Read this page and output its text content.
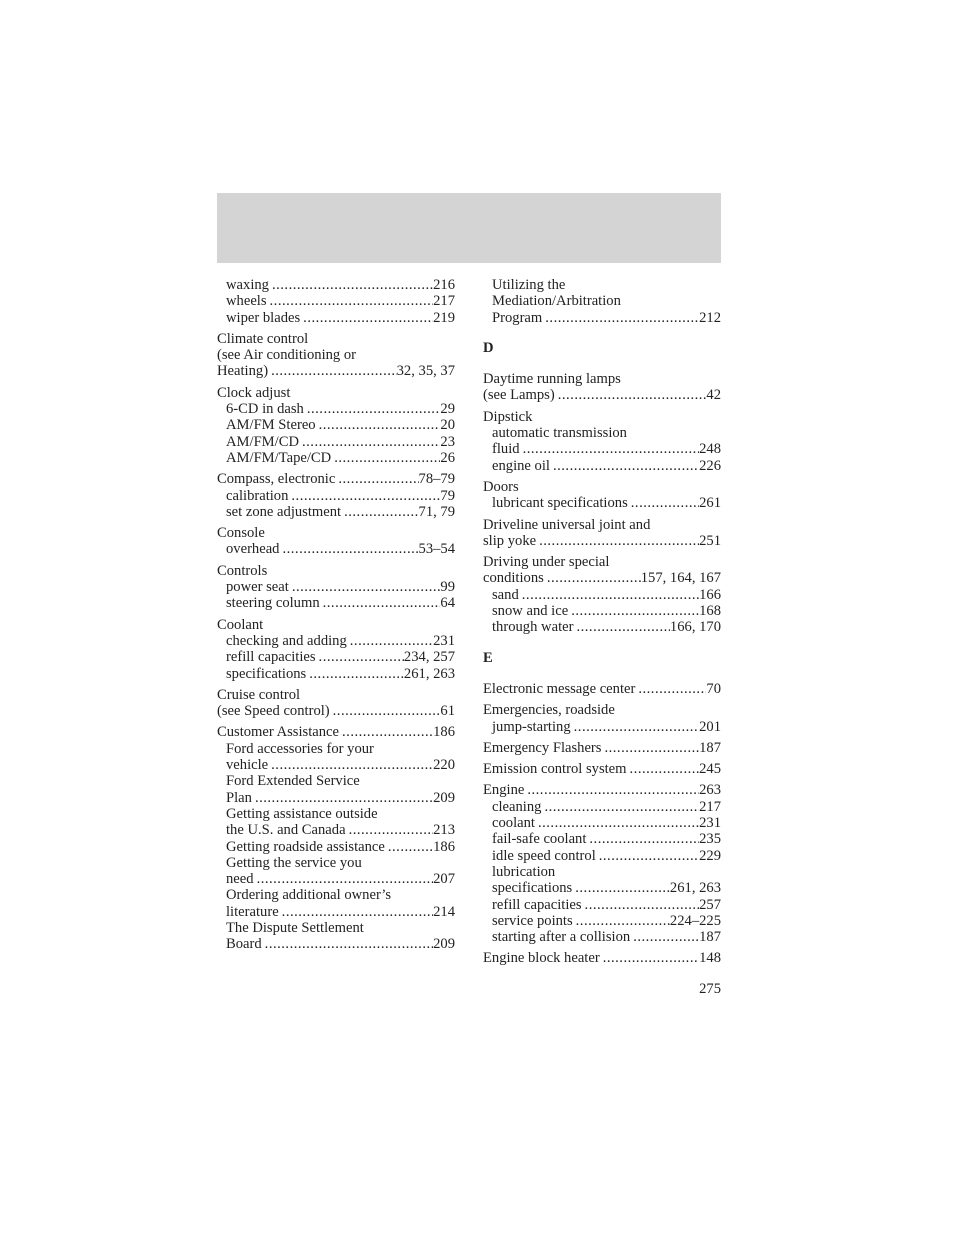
waxing .....	216
wheels .....	217
wiper blades .....	219
Climate control
(see Air conditioning or
Heating) .....	32, 35, 37
Clock adjust
6-CD in dash .....	29
AM/FM Stereo .....	20
AM/FM/CD .....	23
AM/FM/Tape/CD .....	26
Compass, electronic .....	78–79
calibration .....	79
set zone adjustment .....	71, 79
Console
overhead .....	53–54
Controls
power seat .....	99
steering column .....	64
Coolant
checking and adding .....	231
refill capacities .....	234, 257
specifications .....	261, 263
Cruise control
(see Speed control) .....	61
Customer Assistance .....	186
Ford accessories for your
vehicle .....	220
Ford Extended Service
Plan .....	209
Getting assistance outside
the U.S. and Canada .....	213
Getting roadside assistance .....	186
Getting the service you
need .....	207
Ordering additional owner’s
literature .....	214
The Dispute Settlement
Board .....	209
Utilizing the
Mediation/Arbitration
Program .....	212
D
Daytime running lamps
(see Lamps) .....	42
Dipstick
automatic transmission
fluid .....	248
engine oil .....	226
Doors
lubricant specifications .....	261
Driveline universal joint and
slip yoke .....	251
Driving under special
conditions .....	157, 164, 167
sand .....	166
snow and ice .....	168
through water .....	166, 170
E
Electronic message center .....	70
Emergencies, roadside
jump-starting .....	201
Emergency Flashers .....	187
Emission control system .....	245
Engine .....	263
cleaning .....	217
coolant .....	231
fail-safe coolant .....	235
idle speed control .....	229
lubrication
specifications .....	261, 263
refill capacities .....	257
service points .....	224–225
starting after a collision .....	187
Engine block heater .....	148
275
